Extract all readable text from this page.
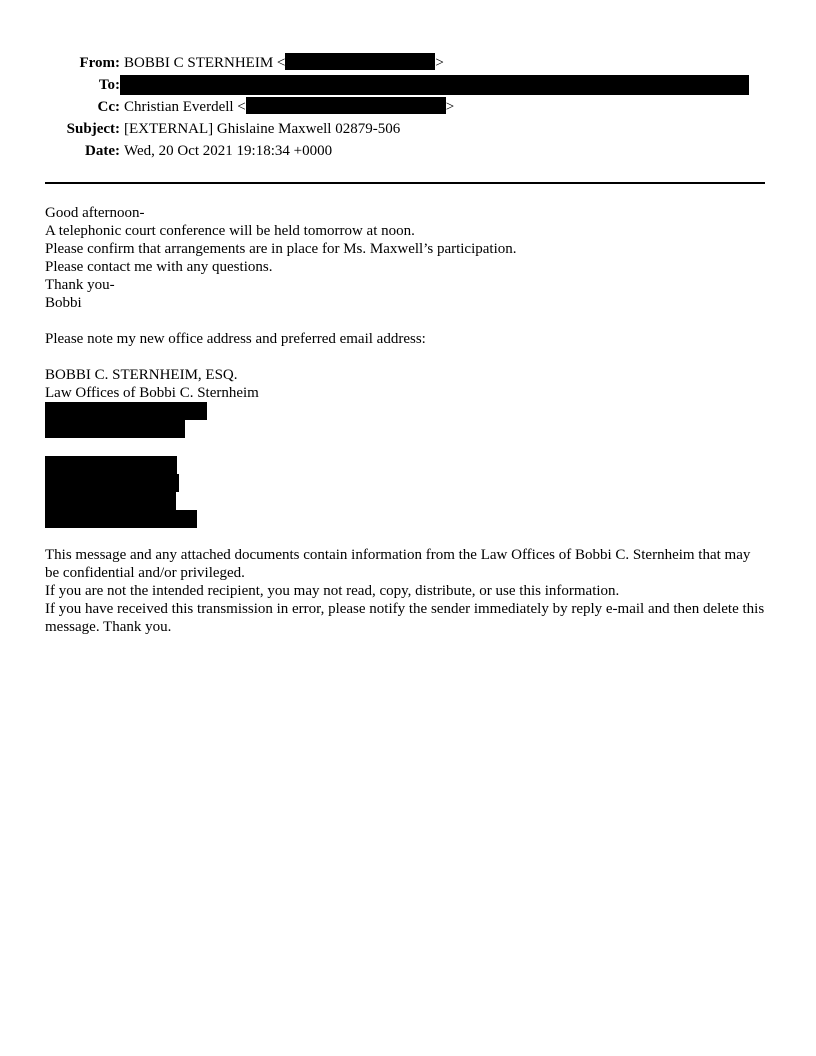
From: BOBBI C STERNHEIM <	>
To:
Cc: Christian Everdell <	>
Subject: [EXTERNAL] Ghislaine Maxwell 02879-506
Date: Wed, 20 Oct 2021 19:18:34 +0000
Good afternoon-
A telephonic court conference will be held tomorrow at noon.
Please confirm that arrangements are in place for Ms. Maxwell’s participation.
Please contact me with any questions.
Thank you-
Bobbi
Please note my new office address and preferred email address:
BOBBI C. STERNHEIM, ESQ.
Law Offices of Bobbi C. Sternheim
This message and any attached documents contain information from the Law Offices of Bobbi C. Sternheim that may be confidential and/or privileged.
If you are not the intended recipient, you may not read, copy, distribute, or use this information.
If you have received this transmission in error, please notify the sender immediately by reply e-mail and then delete this message. Thank you.
